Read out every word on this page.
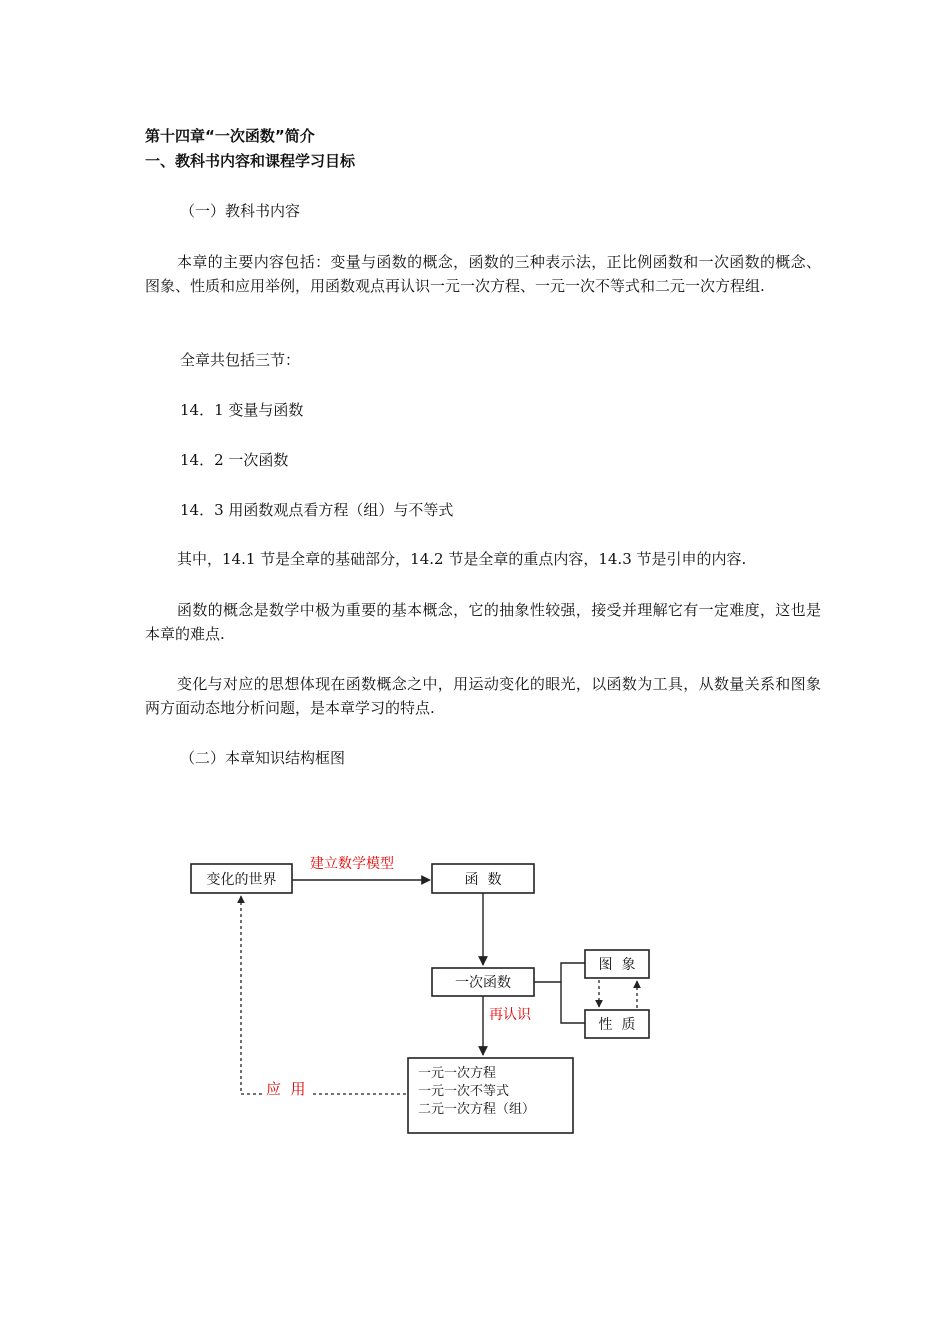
第十四章“一次函数”简介
一、教科书内容和课程学习目标

（一）教科书内容

本章的主要内容包括：变量与函数的概念，函数的三种表示法，正比例函数和一次函数的概念、图象、性质和应用举例，用函数观点再认识一元一次方程、一元一次不等式和二元一次方程组.

全章共包括三节：

14．1 变量与函数

14．2 一次函数

14．3 用函数观点看方程（组）与不等式

其中，14.1 节是全章的基础部分，14.2 节是全章的重点内容，14.3 节是引申的内容.

函数的概念是数学中极为重要的基本概念，它的抽象性较强，接受并理解它有一定难度，这也是本章的难点.

变化与对应的思想体现在函数概念之中，用运动变化的眼光，以函数为工具，从数量关系和图象两方面动态地分析问题，是本章学习的特点.

（二）本章知识结构框图

变化的世界	函  数
建立数学模型
一次函数
图  象
性  质
再认识
一元一次方程
一元一次不等式
二元一次方程（组）
应  用
